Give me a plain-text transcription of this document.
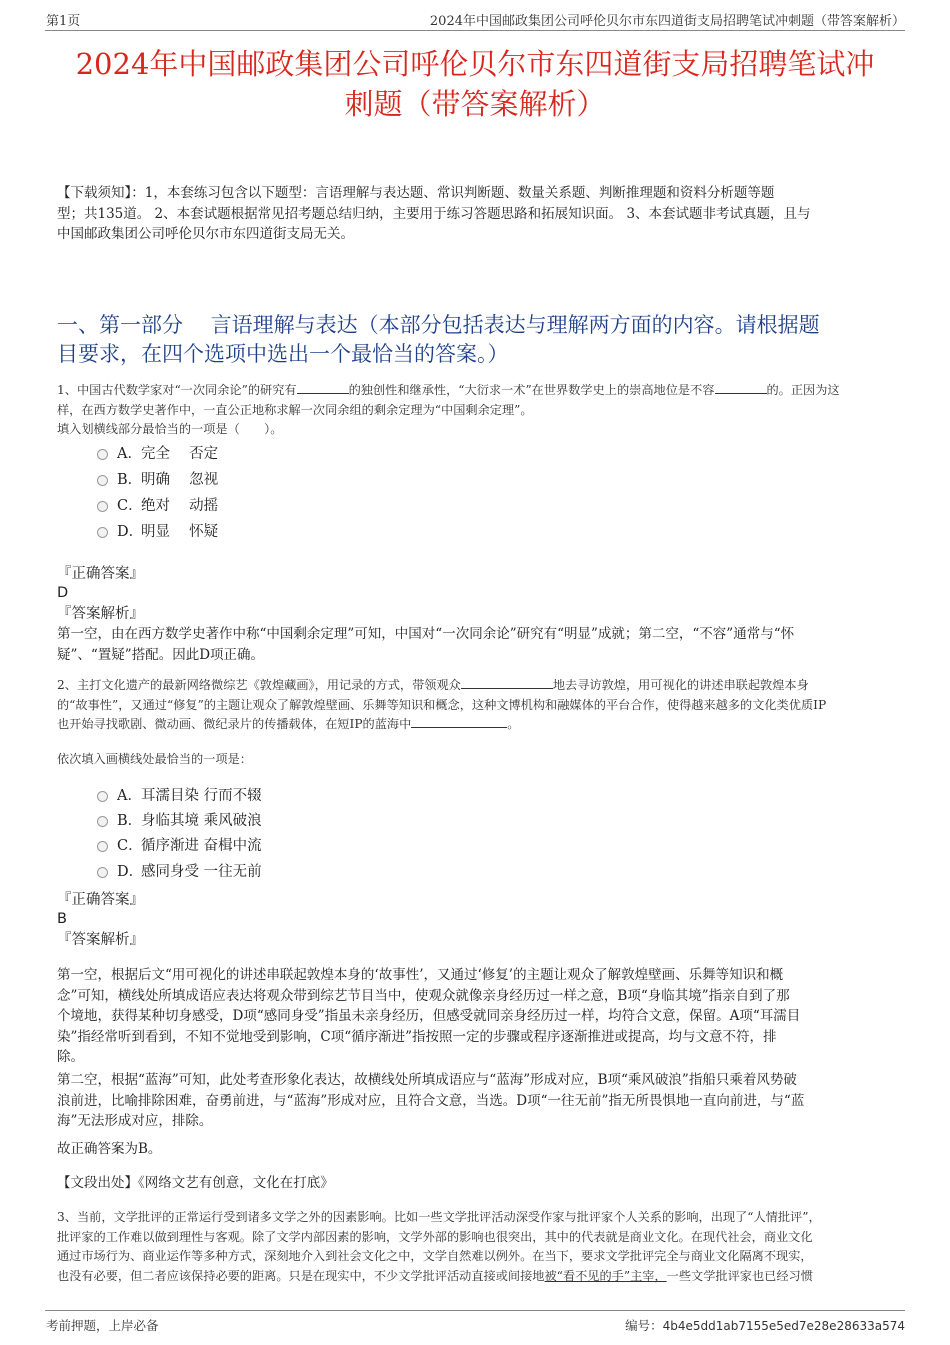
第1页	2024年中国邮政集团公司呼伦贝尔市东四道街支局招聘笔试冲刺题（带答案解析）
2024年中国邮政集团公司呼伦贝尔市东四道街支局招聘笔试冲
刺题（带答案解析）
【下载须知】：1，本套练习包含以下题型：言语理解与表达题、常识判断题、数量关系题、判断推理题和资料分析题等题
型；共135道。 2、本套试题根据常见招考题总结归纳，主要用于练习答题思路和拓展知识面。 3、本套试题非考试真题，且与
中国邮政集团公司呼伦贝尔市东四道街支局无关。
一、第一部分　 言语理解与表达（本部分包括表达与理解两方面的内容。请根据题
目要求，在四个选项中选出一个最恰当的答案。）
1、中国古代数学家对“一次同余论”的研究有	的独创性和继承性，“大衍求一术”在世界数学史上的崇高地位是不容	的。正因为这
样，在西方数学史著作中，一直公正地称求解一次同余组的剩余定理为“中国剩余定理”。
填入划横线部分最恰当的一项是（　　）。
A．完全　 否定
B．明确　 忽视
C．绝对　 动摇
D．明显　 怀疑
『正确答案』
D
『答案解析』
第一空，由在西方数学史著作中称“中国剩余定理”可知，中国对“一次同余论”研究有“明显”成就；第二空，“不容”通常与“怀
疑”、“置疑”搭配。因此D项正确。
2、主打文化遗产的最新网络微综艺《敦煌藏画》，用记录的方式，带领观众	地去寻访敦煌，用可视化的讲述串联起敦煌本身
的“故事性”，又通过“修复”的主题让观众了解敦煌壁画、乐舞等知识和概念，这种文博机构和融媒体的平台合作，使得越来越多的文化类优质IP
也开始寻找歌剧、微动画、微纪录片的传播载体，在短IP的蓝海中	。
依次填入画横线处最恰当的一项是：
A．耳濡目染 行而不辍
B．身临其境 乘风破浪
C．循序渐进 奋楫中流
D．感同身受 一往无前
『正确答案』
B
『答案解析』
第一空，根据后文“用可视化的讲述串联起敦煌本身的‘故事性’，又通过‘修复’的主题让观众了解敦煌壁画、乐舞等知识和概
念”可知，横线处所填成语应表达将观众带到综艺节目当中，使观众就像亲身经历过一样之意，B项“身临其境”指亲自到了那
个境地，获得某种切身感受，D项“感同身受”指虽未亲身经历，但感受就同亲身经历过一样，均符合文意，保留。A项“耳濡目
染”指经常听到看到，不知不觉地受到影响，C项“循序渐进”指按照一定的步骤或程序逐渐推进或提高，均与文意不符，排
除。
第二空，根据“蓝海”可知，此处考查形象化表达，故横线处所填成语应与“蓝海”形成对应，B项“乘风破浪”指船只乘着风势破
浪前进，比喻排除困难，奋勇前进，与“蓝海”形成对应，且符合文意，当选。D项“一往无前”指无所畏惧地一直向前进，与“蓝
海”无法形成对应，排除。
故正确答案为B。
【文段出处】《网络文艺有创意，文化在打底》
3、当前，文学批评的正常运行受到诸多文学之外的因素影响。比如一些文学批评活动深受作家与批评家个人关系的影响，出现了“人情批评”，
批评家的工作难以做到理性与客观。除了文学内部因素的影响，文学外部的影响也很突出，其中的代表就是商业文化。在现代社会，商业文化
通过市场行为、商业运作等多种方式，深刻地介入到社会文化之中，文学自然难以例外。在当下，要求文学批评完全与商业文化隔离不现实，
也没有必要，但二者应该保持必要的距离。只是在现实中，不少文学批评活动直接或间接地被“看不见的手”主宰，一些文学批评家也已经习惯
考前押题，上岸必备	编号：4b4e5dd1ab7155e5ed7e28e28633a574
